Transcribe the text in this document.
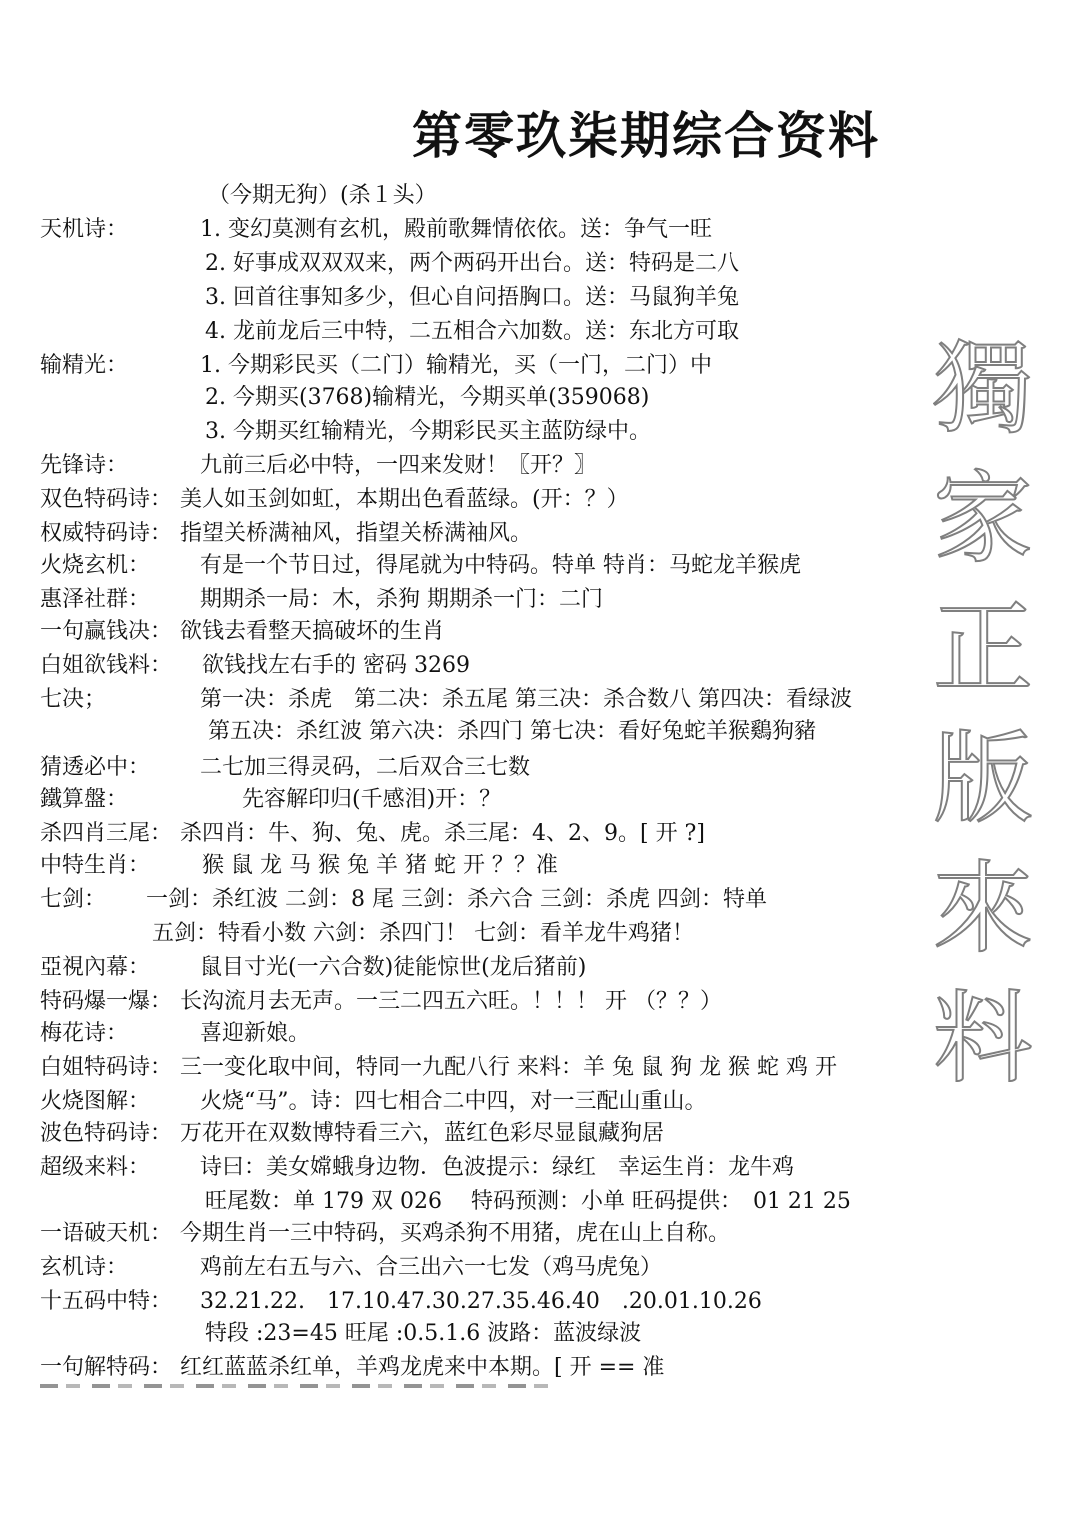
第零玖柒期综合资料
（今期无狗）(杀１头）
天机诗：	1. 变幻莫测有玄机，殿前歌舞情依依。送：争气一旺
2. 好事成双双双来，两个两码开出台。送：特码是二八
3. 回首往事知多少，但心自问捂胸口。送：马鼠狗羊兔
4. 龙前龙后三中特，二五相合六加数。送：东北方可取
输精光：	1. 今期彩民买（二门）输精光，买（一门，二门）中
2. 今期买(3768)输精光，今期买单(359068)
3. 今期买红输精光，今期彩民买主蓝防绿中。
先锋诗：	九前三后必中特，一四来发财！〖开？〗
双色特码诗： 美人如玉剑如虹，本期出色看蓝绿。(开：？）
权威特码诗： 指望关桥满袖风，指望关桥满袖风。
火烧玄机： 有是一个节日过，得尾就为中特码。特单 特肖：马蛇龙羊猴虎
惠泽社群： 期期杀一局：木，杀狗 期期杀一门：二门
一句赢钱决： 欲钱去看整天搞破坏的生肖
白姐欲钱料： 欲钱找左右手的 密码 3269
七决；	第一决：杀虎　第二决：杀五尾 第三决：杀合数八 第四决：看绿波
第五决：杀红波 第六决：杀四门 第七决：看好兔蛇羊猴鷄狗豬
猜透必中： 二七加三得灵码，二后双合三七数
鐵算盤：	先容解印归(千感泪)开：？
杀四肖三尾： 杀四肖：牛、狗、兔、虎。杀三尾：4、2、9。[ 开 ?]
中特生肖： 猴 鼠 龙 马 猴 兔 羊 猪 蛇 开 ？？准
七剑： 一剑：杀红波 二剑：8 尾 三剑：杀六合 三剑：杀虎 四剑：特单
五剑：特看小数 六剑：杀四门！ 七剑：看羊龙牛鸡猪！
亞視內幕： 鼠目寸光(一六合数)徒能惊世(龙后猪前)
特码爆一爆： 长沟流月去无声。一三二四五六旺。！！！ 开 （？？）
梅花诗：	喜迎新娘。
白姐特码诗： 三一变化取中间，特同一九配八行 来料：羊 兔 鼠 狗 龙 猴 蛇 鸡 开
火烧图解： 火烧“马”。诗：四七相合二中四，对一三配山重山。
波色特码诗： 万花开在双数博特看三六，蓝红色彩尽显鼠藏狗居
超级来料： 诗曰：美女嫦蛾身边物．色波提示：绿红　幸运生肖：龙牛鸡
旺尾数：单 179 双 026　 特码预测：小单 旺码提供：　01 21 25
一语破天机： 今期生肖一三中特码，买鸡杀狗不用猪，虎在山上自称。
玄机诗：	鸡前左右五与六、合三出六一七发（鸡马虎兔）
十五码中特： 32.21.22.　17.10.47.30.27.35.46.40　.20.01.10.26
特段 :23=45 旺尾 :0.5.1.6 波路：蓝波绿波
一句解特码： 红红蓝蓝杀红单，羊鸡龙虎来中本期。[ 开 == 准
獨
家
正
版
來
料
